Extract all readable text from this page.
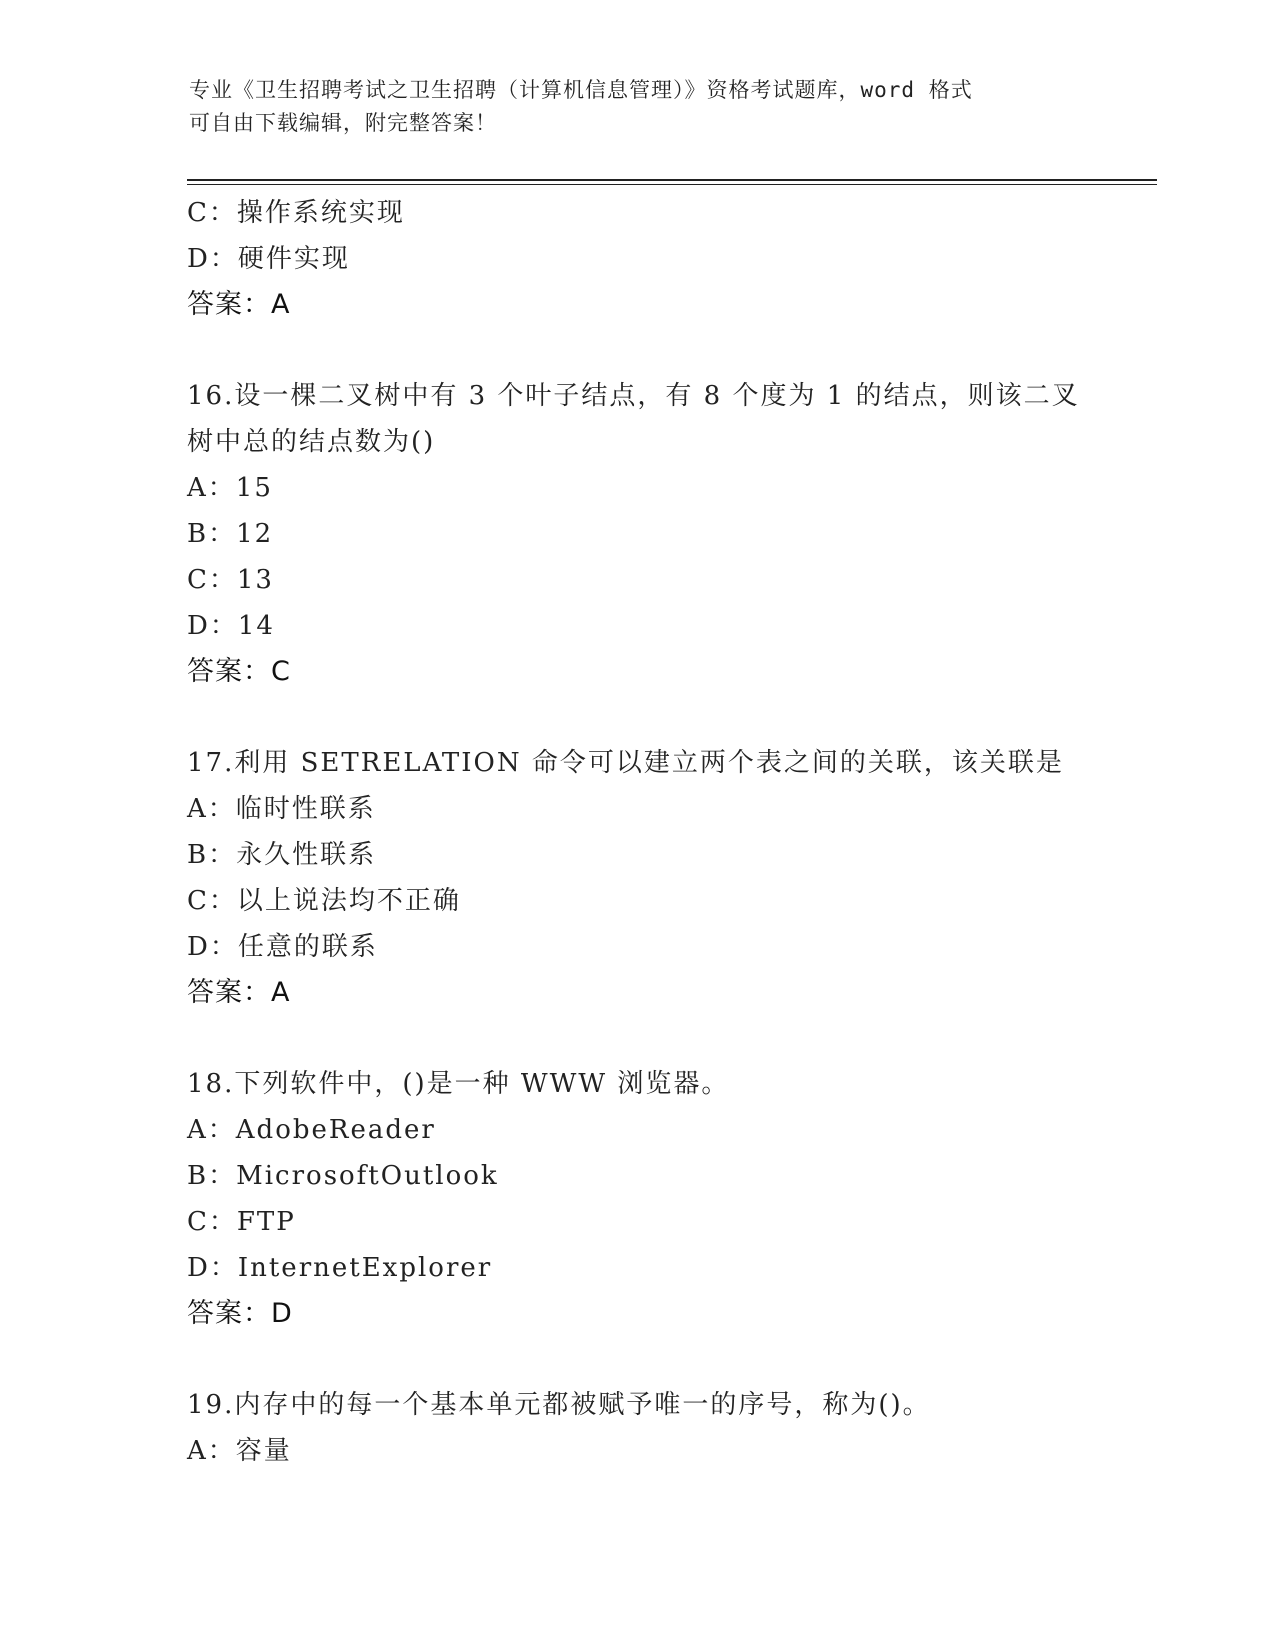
专业《卫生招聘考试之卫生招聘（计算机信息管理）》资格考试题库，word 格式
可自由下载编辑，附完整答案！
C：操作系统实现
D：硬件实现
答案：A
16.设一棵二叉树中有 3 个叶子结点，有 8 个度为 1 的结点，则该二叉
树中总的结点数为()
A：15
B：12
C：13
D：14
答案：C
17.利用 SETRELATION 命令可以建立两个表之间的关联，该关联是
A：临时性联系
B：永久性联系
C：以上说法均不正确
D：任意的联系
答案：A
18.下列软件中，()是一种 WWW 浏览器。
A：AdobeReader
B：MicrosoftOutlook
C：FTP
D：InternetExplorer
答案：D
19.内存中的每一个基本单元都被赋予唯一的序号，称为()。
A：容量
